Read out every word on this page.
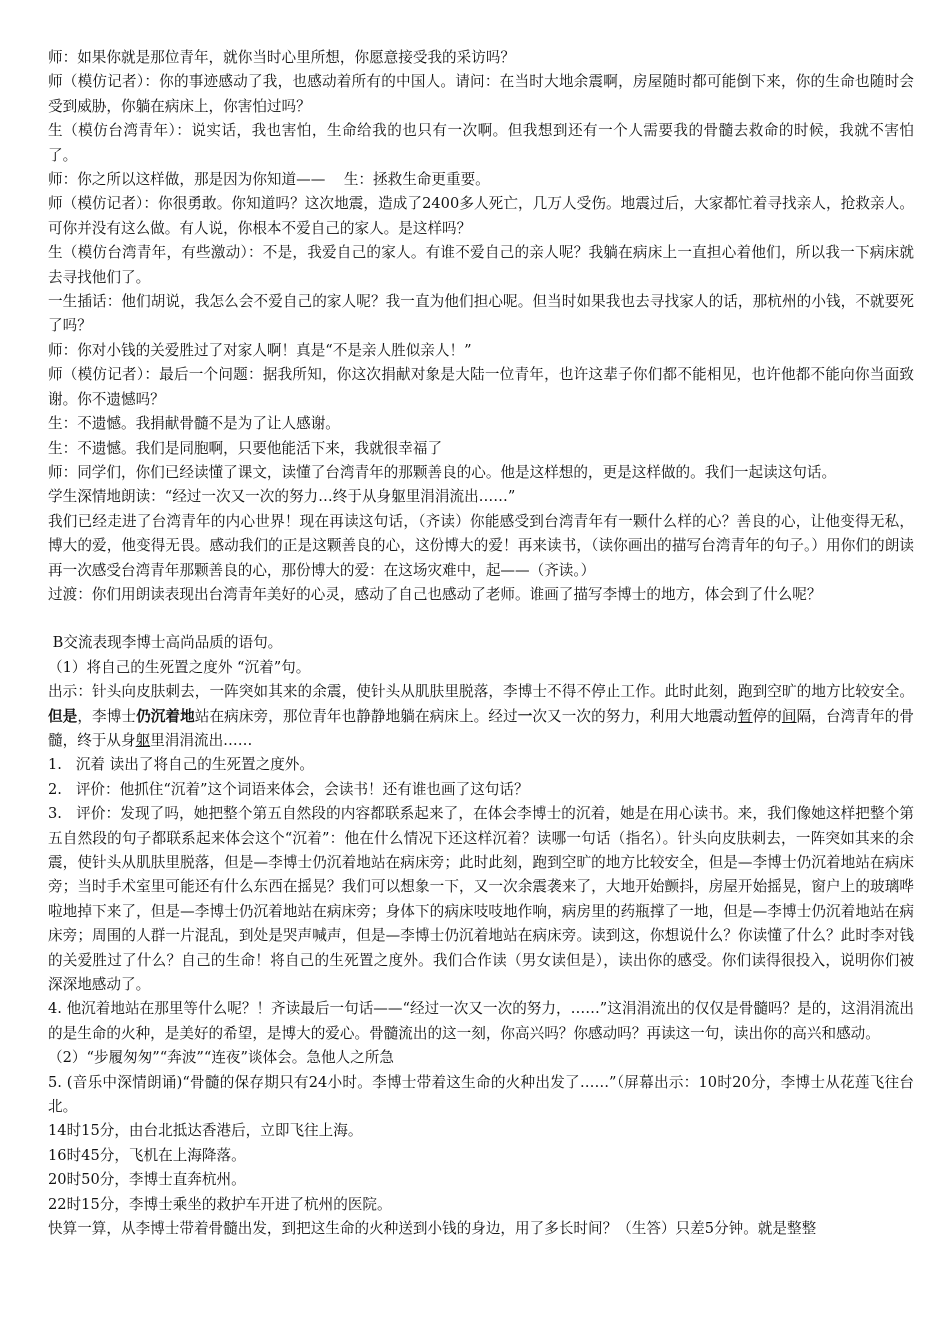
师：如果你就是那位青年，就你当时心里所想，你愿意接受我的采访吗？

师（模仿记者）：你的事迹感动了我，也感动着所有的中国人。请问：在当时大地余震啊，房屋随时都可能倒下来，你的生命也随时会受到威胁，你躺在病床上，你害怕过吗？

生（模仿台湾青年）：说实话，我也害怕，生命给我的也只有一次啊。但我想到还有一个人需要我的骨髓去救命的时候，我就不害怕了。

师：你之所以这样做，那是因为你知道——    生：拯救生命更重要。

师（模仿记者）：你很勇敢。你知道吗？这次地震，造成了2400多人死亡，几万人受伤。地震过后，大家都忙着寻找亲人，抢救亲人。可你并没有这么做。有人说，你根本不爱自己的家人。是这样吗？

生（模仿台湾青年，有些激动）：不是，我爱自己的家人。有谁不爱自己的亲人呢？我躺在病床上一直担心着他们，所以我一下病床就去寻找他们了。

一生插话：他们胡说，我怎么会不爱自己的家人呢？我一直为他们担心呢。但当时如果我也去寻找家人的话，那杭州的小钱，不就要死了吗？

师：你对小钱的关爱胜过了对家人啊！真是“不是亲人胜似亲人！”

师（模仿记者）：最后一个问题：据我所知，你这次捐献对象是大陆一位青年，也许这辈子你们都不能相见，也许他都不能向你当面致谢。你不遗憾吗？

生：不遗憾。我捐献骨髓不是为了让人感谢。

生：不遗憾。我们是同胞啊，只要他能活下来，我就很幸福了

师：同学们，你们已经读懂了课文，读懂了台湾青年的那颗善良的心。他是这样想的，更是这样做的。我们一起读这句话。

学生深情地朗读：“经过一次又一次的努力…终于从身躯里涓涓流出……”

我们已经走进了台湾青年的内心世界！现在再读这句话，（齐读）你能感受到台湾青年有一颗什么样的心？善良的心，让他变得无私，博大的爱，他变得无畏。感动我们的正是这颗善良的心，这份博大的爱！再来读书，（读你画出的描写台湾青年的句子。）用你们的朗读再一次感受台湾青年那颗善良的心，那份博大的爱：在这场灾难中，起——（齐读。）

过渡：你们用朗读表现出台湾青年美好的心灵，感动了自己也感动了老师。谁画了描写李博士的地方，体会到了什么呢？

B交流表现李博士高尚品质的语句。

（1）将自己的生死置之度外 “沉着”句。

出示：针头向皮肤刺去，一阵突如其来的余震，使针头从肌肤里脱落，李博士不得不停止工作。此时此刻，跑到空旷的地方比较安全。但是，李博士仍沉着地站在病床旁，那位青年也静静地躺在病床上。经过一次又一次的努力，利用大地震动暂停的间隔，台湾青年的骨髓，终于从身躯里涓涓流出……

1.   沉着 读出了将自己的生死置之度外。

2.   评价：他抓住“沉着”这个词语来体会，会读书！还有谁也画了这句话？

3.   评价：发现了吗，她把整个第五自然段的内容都联系起来了，在体会李博士的沉着，她是在用心读书。来，我们像她这样把整个第五自然段的句子都联系起来体会这个“沉着”：他在什么情况下还这样沉着？读哪一句话（指名）。针头向皮肤刺去，一阵突如其来的余震，使针头从肌肤里脱落，但是—李博士仍沉着地站在病床旁；此时此刻，跑到空旷的地方比较安全，但是—李博士仍沉着地站在病床旁；当时手术室里可能还有什么东西在摇晃？我们可以想象一下，又一次余震袭来了，大地开始颤抖，房屋开始摇晃，窗户上的玻璃哗啦地掉下来了，但是—李博士仍沉着地站在病床旁；身体下的病床吱吱地作响，病房里的药瓶撑了一地，但是—李博士仍沉着地站在病床旁；周围的人群一片混乱，到处是哭声喊声，但是—李博士仍沉着地站在病床旁。读到这，你想说什么？你读懂了什么？此时李对钱的关爱胜过了什么？自己的生命！将自己的生死置之度外。我们合作读（男女读但是），读出你的感受。你们读得很投入，说明你们被深深地感动了。

4. 他沉着地站在那里等什么呢？！齐读最后一句话——“经过一次又一次的努力，……”这涓涓流出的仅仅是骨髓吗？是的，这涓涓流出的是生命的火种，是美好的希望，是博大的爱心。骨髓流出的这一刻，你高兴吗？你感动吗？再读这一句，读出你的高兴和感动。

（2）“步履匆匆”“奔波”“连夜”谈体会。急他人之所急

5. (音乐中深情朗诵)“骨髓的保存期只有24小时。李博士带着这生命的火种出发了……”（屏幕出示：10时20分，李博士从花莲飞往台北。

14时15分，由台北抵达香港后，立即飞往上海。

16时45分，飞机在上海降落。

20时50分，李博士直奔杭州。

22时15分，李博士乘坐的救护车开进了杭州的医院。

快算一算，从李博士带着骨髓出发，到把这生命的火种送到小钱的身边，用了多长时间？（生答）只差5分钟。就是整整
